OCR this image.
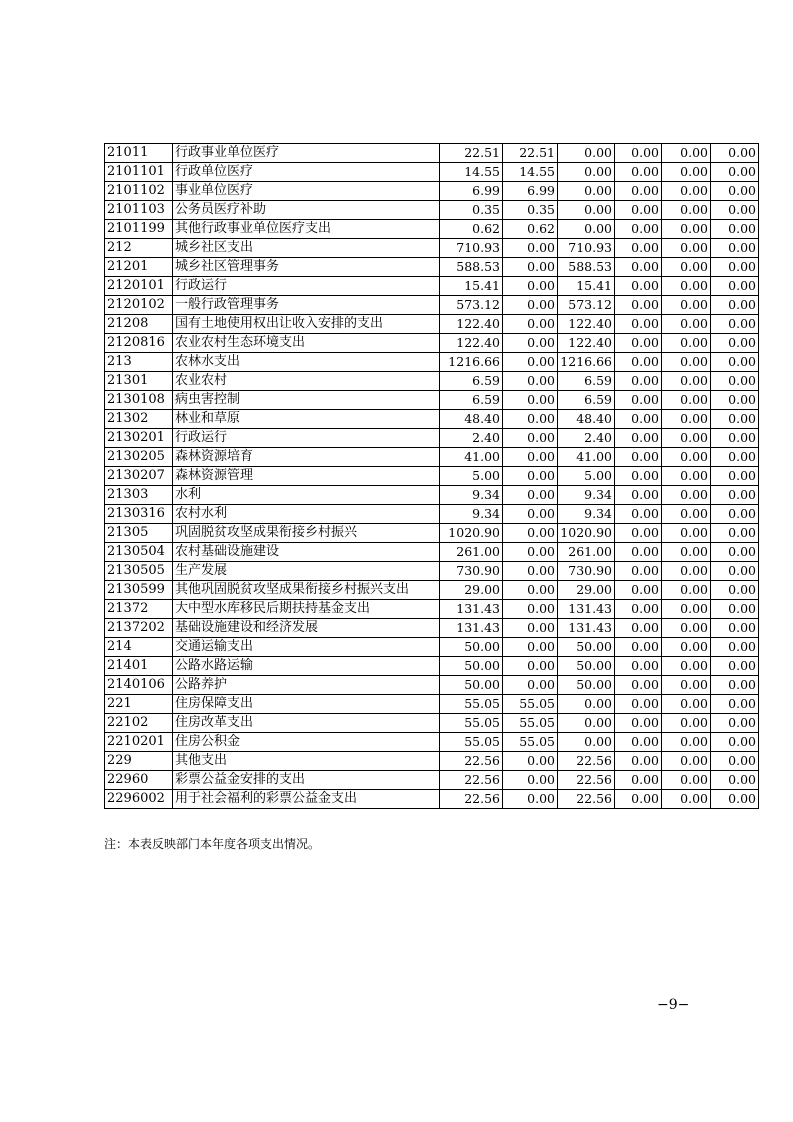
21011	行政事业单位医疗	22.51	22.51	0.00	0.00	0.00	0.00
2101101	行政单位医疗	14.55	14.55	0.00	0.00	0.00	0.00
2101102	事业单位医疗	6.99	6.99	0.00	0.00	0.00	0.00
2101103	公务员医疗补助	0.35	0.35	0.00	0.00	0.00	0.00
2101199	其他行政事业单位医疗支出	0.62	0.62	0.00	0.00	0.00	0.00
212	城乡社区支出	710.93	0.00	710.93	0.00	0.00	0.00
21201	城乡社区管理事务	588.53	0.00	588.53	0.00	0.00	0.00
2120101	行政运行	15.41	0.00	15.41	0.00	0.00	0.00
2120102	一般行政管理事务	573.12	0.00	573.12	0.00	0.00	0.00
21208	国有土地使用权出让收入安排的支出	122.40	0.00	122.40	0.00	0.00	0.00
2120816	农业农村生态环境支出	122.40	0.00	122.40	0.00	0.00	0.00
213	农林水支出	1216.66	0.00	1216.66	0.00	0.00	0.00
21301	农业农村	6.59	0.00	6.59	0.00	0.00	0.00
2130108	病虫害控制	6.59	0.00	6.59	0.00	0.00	0.00
21302	林业和草原	48.40	0.00	48.40	0.00	0.00	0.00
2130201	行政运行	2.40	0.00	2.40	0.00	0.00	0.00
2130205	森林资源培育	41.00	0.00	41.00	0.00	0.00	0.00
2130207	森林资源管理	5.00	0.00	5.00	0.00	0.00	0.00
21303	水利	9.34	0.00	9.34	0.00	0.00	0.00
2130316	农村水利	9.34	0.00	9.34	0.00	0.00	0.00
21305	巩固脱贫攻坚成果衔接乡村振兴	1020.90	0.00	1020.90	0.00	0.00	0.00
2130504	农村基础设施建设	261.00	0.00	261.00	0.00	0.00	0.00
2130505	生产发展	730.90	0.00	730.90	0.00	0.00	0.00
2130599	其他巩固脱贫攻坚成果衔接乡村振兴支出	29.00	0.00	29.00	0.00	0.00	0.00
21372	大中型水库移民后期扶持基金支出	131.43	0.00	131.43	0.00	0.00	0.00
2137202	基础设施建设和经济发展	131.43	0.00	131.43	0.00	0.00	0.00
214	交通运输支出	50.00	0.00	50.00	0.00	0.00	0.00
21401	公路水路运输	50.00	0.00	50.00	0.00	0.00	0.00
2140106	公路养护	50.00	0.00	50.00	0.00	0.00	0.00
221	住房保障支出	55.05	55.05	0.00	0.00	0.00	0.00
22102	住房改革支出	55.05	55.05	0.00	0.00	0.00	0.00
2210201	住房公积金	55.05	55.05	0.00	0.00	0.00	0.00
229	其他支出	22.56	0.00	22.56	0.00	0.00	0.00
22960	彩票公益金安排的支出	22.56	0.00	22.56	0.00	0.00	0.00
2296002	用于社会福利的彩票公益金支出	22.56	0.00	22.56	0.00	0.00	0.00
注：本表反映部门本年度各项支出情况。
−9−
